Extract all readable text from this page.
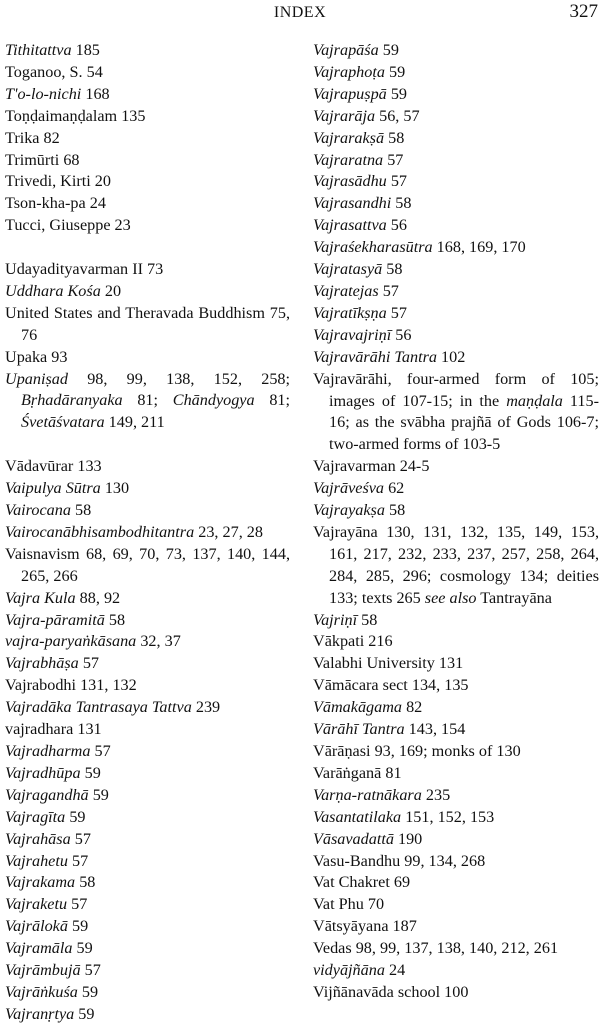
INDEX	327
Tithitattva 185
Toganoo, S. 54
T'o-lo-nichi 168
Toṇḍaimaṇḍalam 135
Trika 82
Trimūrti 68
Trivedi, Kirti 20
Tson-kha-pa 24
Tucci, Giuseppe 23
Udayadityavarman II 73
Uddhara Kośa 20
United States and Theravada Buddhism 75, 76
Upaka 93
Upaniṣad 98, 99, 138, 152, 258; Bṛhadāranyaka 81; Chāndyogya 81; Śvetāśvatara 149, 211
Vādavūrar 133
Vaipulya Sūtra 130
Vairocana 58
Vairocanābhisambodhitantra 23, 27, 28
Vaisnavism 68, 69, 70, 73, 137, 140, 144, 265, 266
Vajra Kula 88, 92
Vajra-pāramitā 58
vajra-paryaṅkāsana 32, 37
Vajrabhāṣa 57
Vajrabodhi 131, 132
Vajradāka Tantrasaya Tattva 239
vajradhara 131
Vajradharma 57
Vajradhūpa 59
Vajragandhā 59
Vajragīta 59
Vajrahāsa 57
Vajrahetu 57
Vajrakama 58
Vajraketu 57
Vajrālokā 59
Vajramāla 59
Vajrāmbujā 57
Vajrāṅkuśa 59
Vajranṛtya 59
Vajrapāśa 59
Vajraphoṭa 59
Vajrapuṣpā 59
Vajrarāja 56, 57
Vajrarakṣā 58
Vajraratna 57
Vajrasādhu 57
Vajrasandhi 58
Vajrasattva 56
Vajraśekharasūtra 168, 169, 170
Vajratasyā 58
Vajratejas 57
Vajratīkṣṇa 57
Vajravajriṇī 56
Vajravārāhi Tantra 102
Vajravārāhi, four-armed form of 105; images of 107-15; in the maṇḍala 115-16; as the svābha prajñā of Gods 106-7; two-armed forms of 103-5
Vajravarman 24-5
Vajrāveśva 62
Vajrayakṣa 58
Vajrayāna 130, 131, 132, 135, 149, 153, 161, 217, 232, 233, 237, 257, 258, 264, 284, 285, 296; cosmology 134; deities 133; texts 265 see also Tantrayāna
Vajriṇī 58
Vākpati 216
Valabhi University 131
Vāmācara sect 134, 135
Vāmakāgama 82
Vārāhī Tantra 143, 154
Vārāṇasi 93, 169; monks of 130
Varāṅganā 81
Varṇa-ratnākara 235
Vasantatilaka 151, 152, 153
Vāsavadattā 190
Vasu-Bandhu 99, 134, 268
Vat Chakret 69
Vat Phu 70
Vātsyāyana 187
Vedas 98, 99, 137, 138, 140, 212, 261
vidyājñāna 24
Vijñānavāda school 100
